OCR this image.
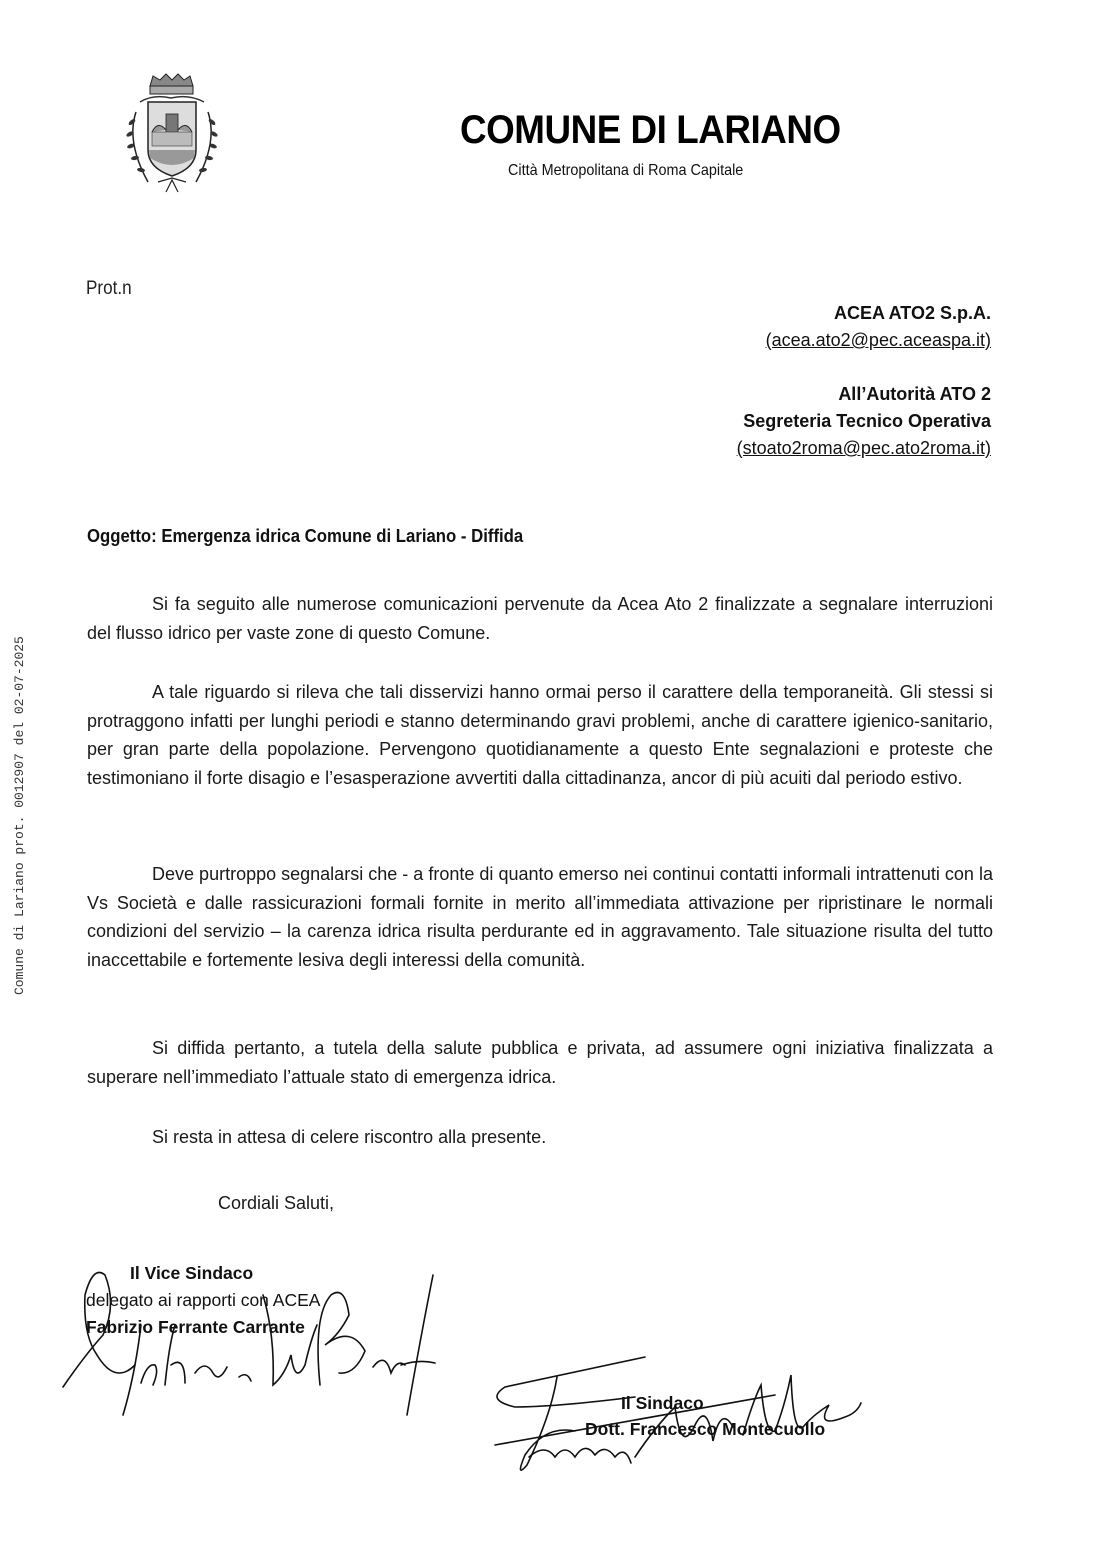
COMUNE DI LARIANO
Città Metropolitana di Roma Capitale
Prot.n
ACEA ATO2 S.p.A.
(acea.ato2@pec.aceaspa.it)
All’Autorità ATO 2
Segreteria Tecnico Operativa
(stoato2roma@pec.ato2roma.it)
Comune di Lariano prot. 0012907 del 02-07-2025
Oggetto: Emergenza idrica Comune di Lariano - Diffida
Si fa seguito alle numerose comunicazioni pervenute da Acea Ato 2 finalizzate a segnalare interruzioni del flusso idrico per vaste zone di questo Comune.
A tale riguardo si rileva che tali disservizi hanno ormai perso il carattere della temporaneità. Gli stessi si protraggono infatti per lunghi periodi e stanno determinando gravi problemi, anche di carattere igienico-sanitario, per gran parte della popolazione. Pervengono quotidianamente a questo Ente segnalazioni e proteste che testimoniano il forte disagio e l’esasperazione avvertiti dalla cittadinanza, ancor di più acuiti dal periodo estivo.
Deve purtroppo segnalarsi che - a fronte di quanto emerso nei continui contatti informali intrattenuti con la Vs Società e dalle rassicurazioni formali fornite in merito all’immediata attivazione per ripristinare le normali condizioni del servizio – la carenza idrica risulta perdurante ed in aggravamento. Tale situazione risulta del tutto inaccettabile e fortemente lesiva degli interessi della comunità.
Si diffida pertanto, a tutela della salute pubblica e privata, ad assumere ogni iniziativa finalizzata a superare nell’immediato l’attuale stato di emergenza idrica.
Si resta in attesa di celere riscontro alla presente.
Cordiali Saluti,
Il Vice Sindaco
delegato ai rapporti con ACEA
Fabrizio Ferrante Carrante
Il Sindaco
Dott. Francesco Montecuollo
